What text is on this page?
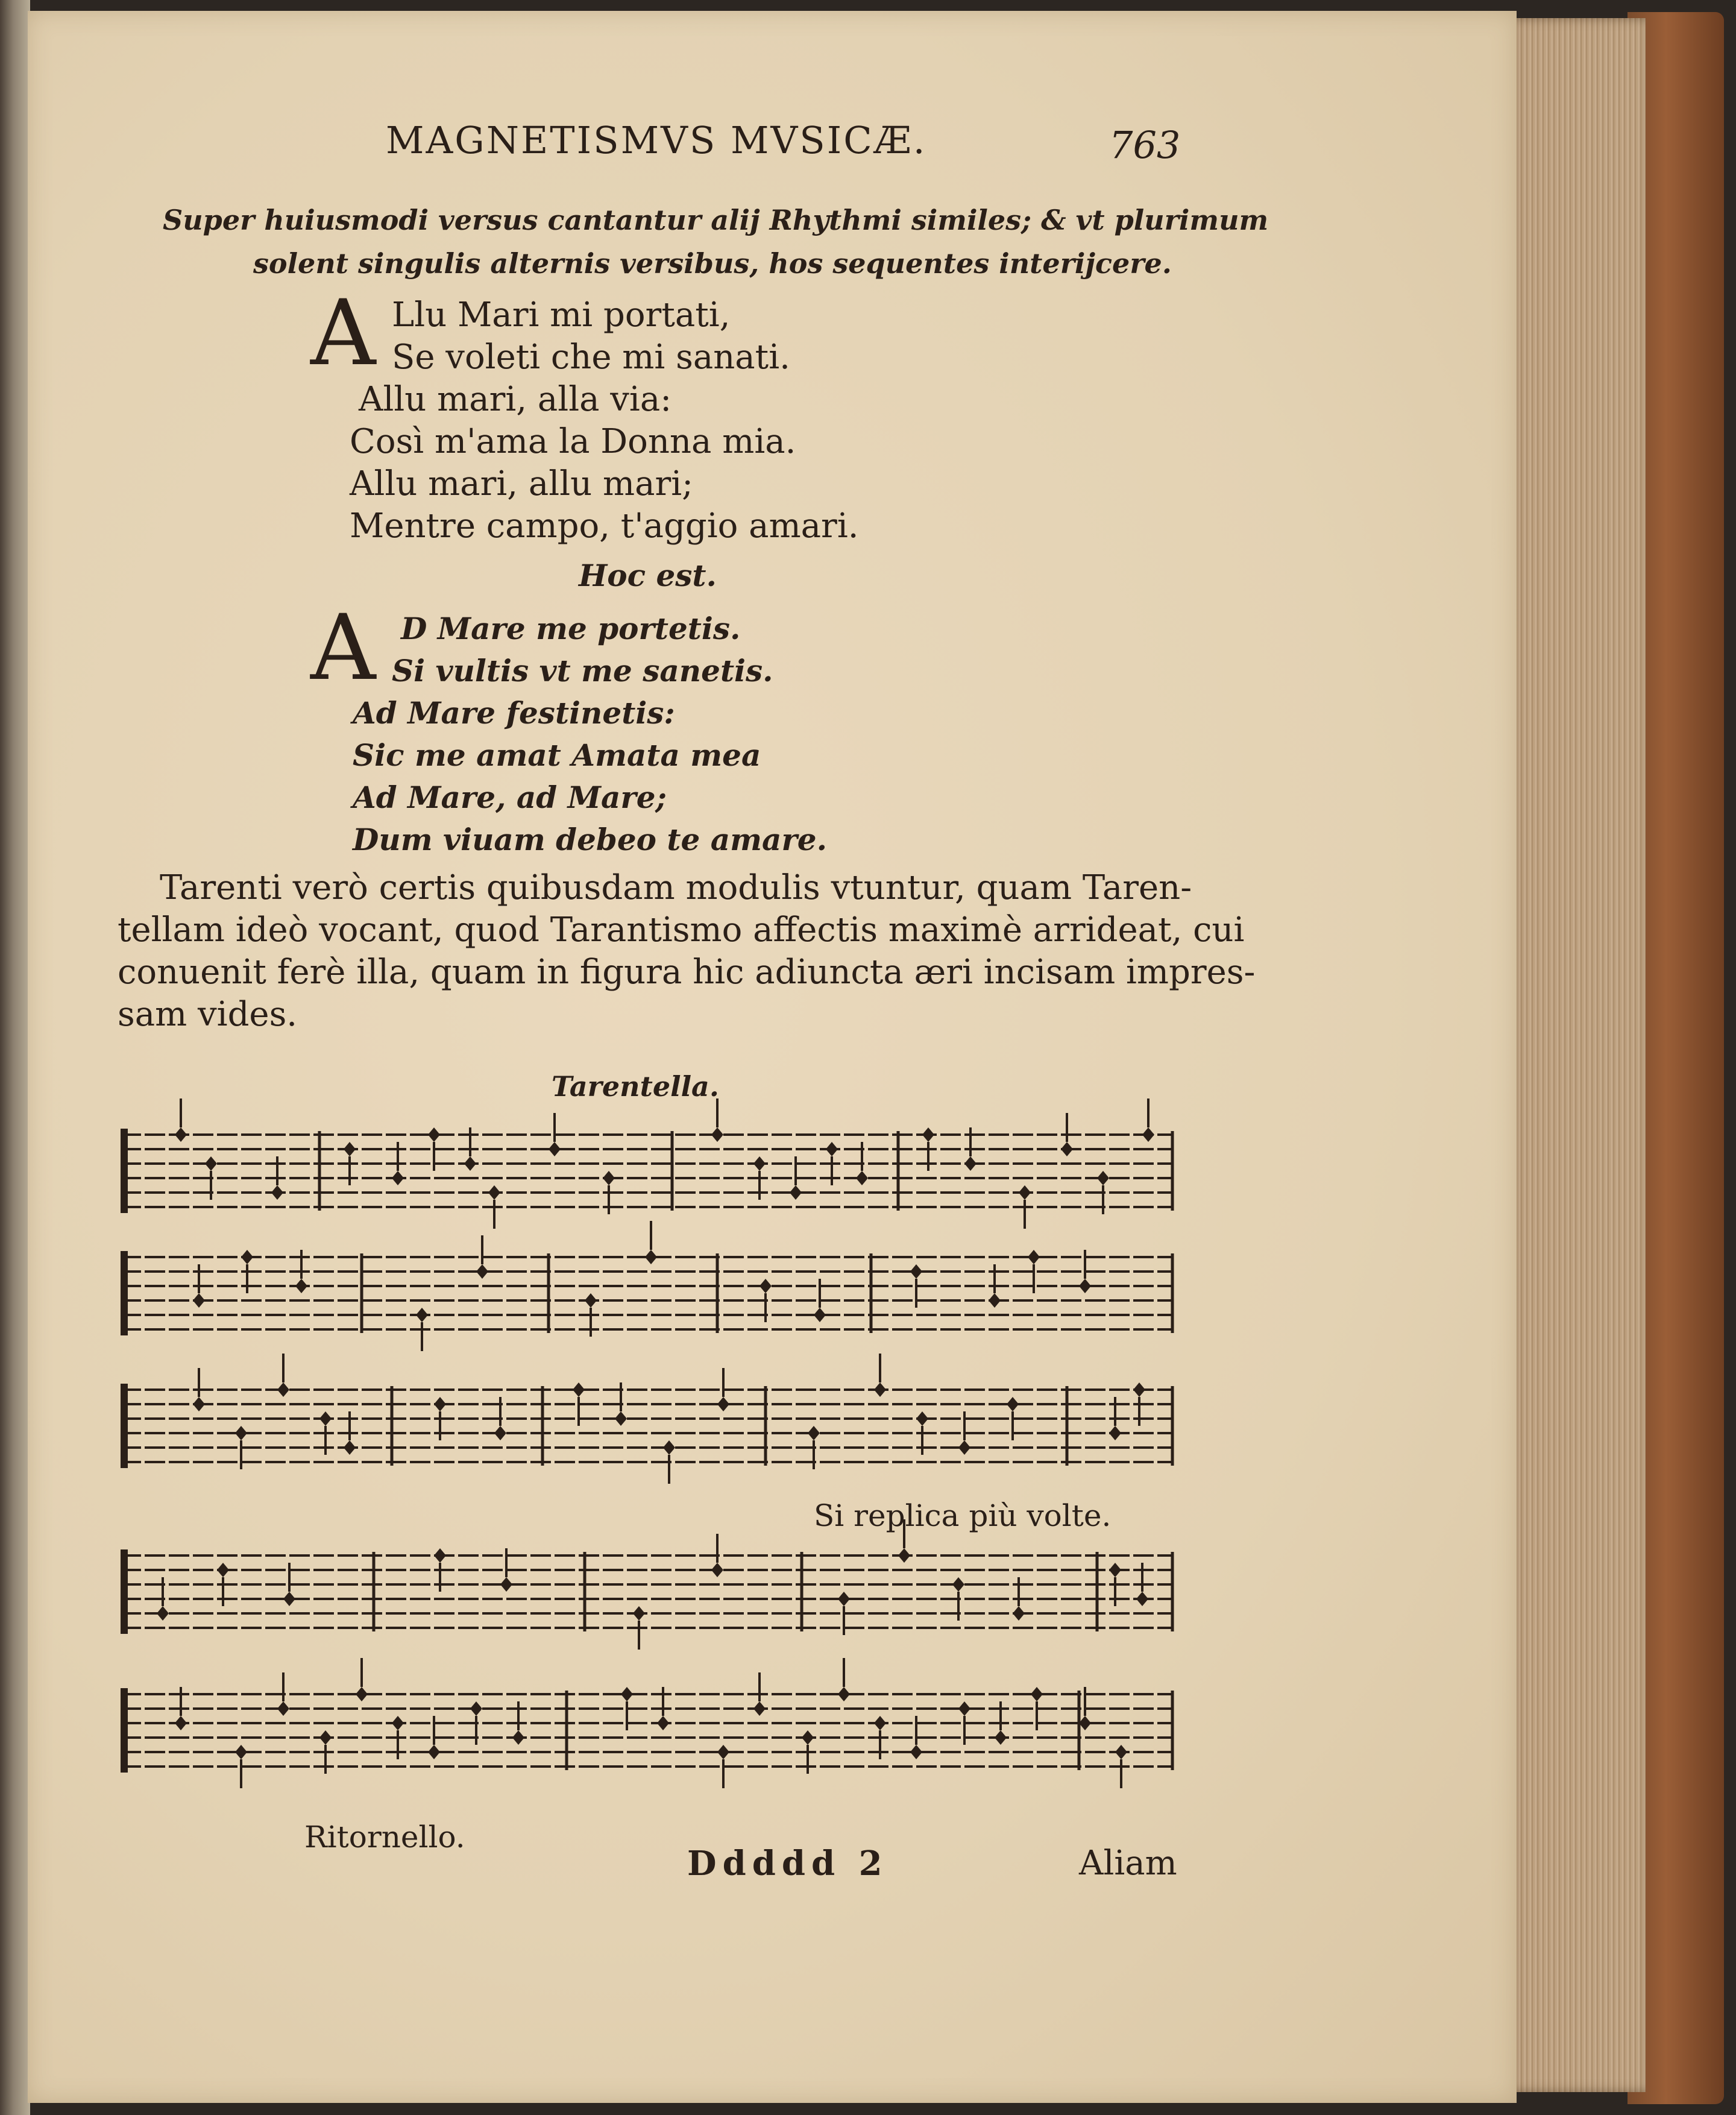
MAGNETISMVS MVSICÆ.	763
Super huiusmodi versus cantantur alij Rhythmi similes; & vt plurimum
solent singulis alternis versibus, hos sequentes interijcere.
A Llu Mari mi portati,
Se voleti che mi sanati.
Allu mari, alla via:
Così m'ama la Donna mia.
Allu mari, allu mari;
Mentre campo, t'aggio amari.
Hoc est.
A D Mare me portetis.
Si vultis vt me sanetis.
Ad Mare festinetis:
Sic me amat Amata mea
Ad Mare, ad Mare;
Dum viuam debeo te amare.
Tarenti verò certis quibusdam modulis vtuntur, quam Taren-
tellam ideò vocant, quod Tarantismo affectis maximè arrideat, cui
conuenit ferè illa, quam in figura hic adiuncta æri incisam impres-
sam vides.
Tarentella.
Si replica più volte.
Ritornello.
Ddddd 2	Aliam
